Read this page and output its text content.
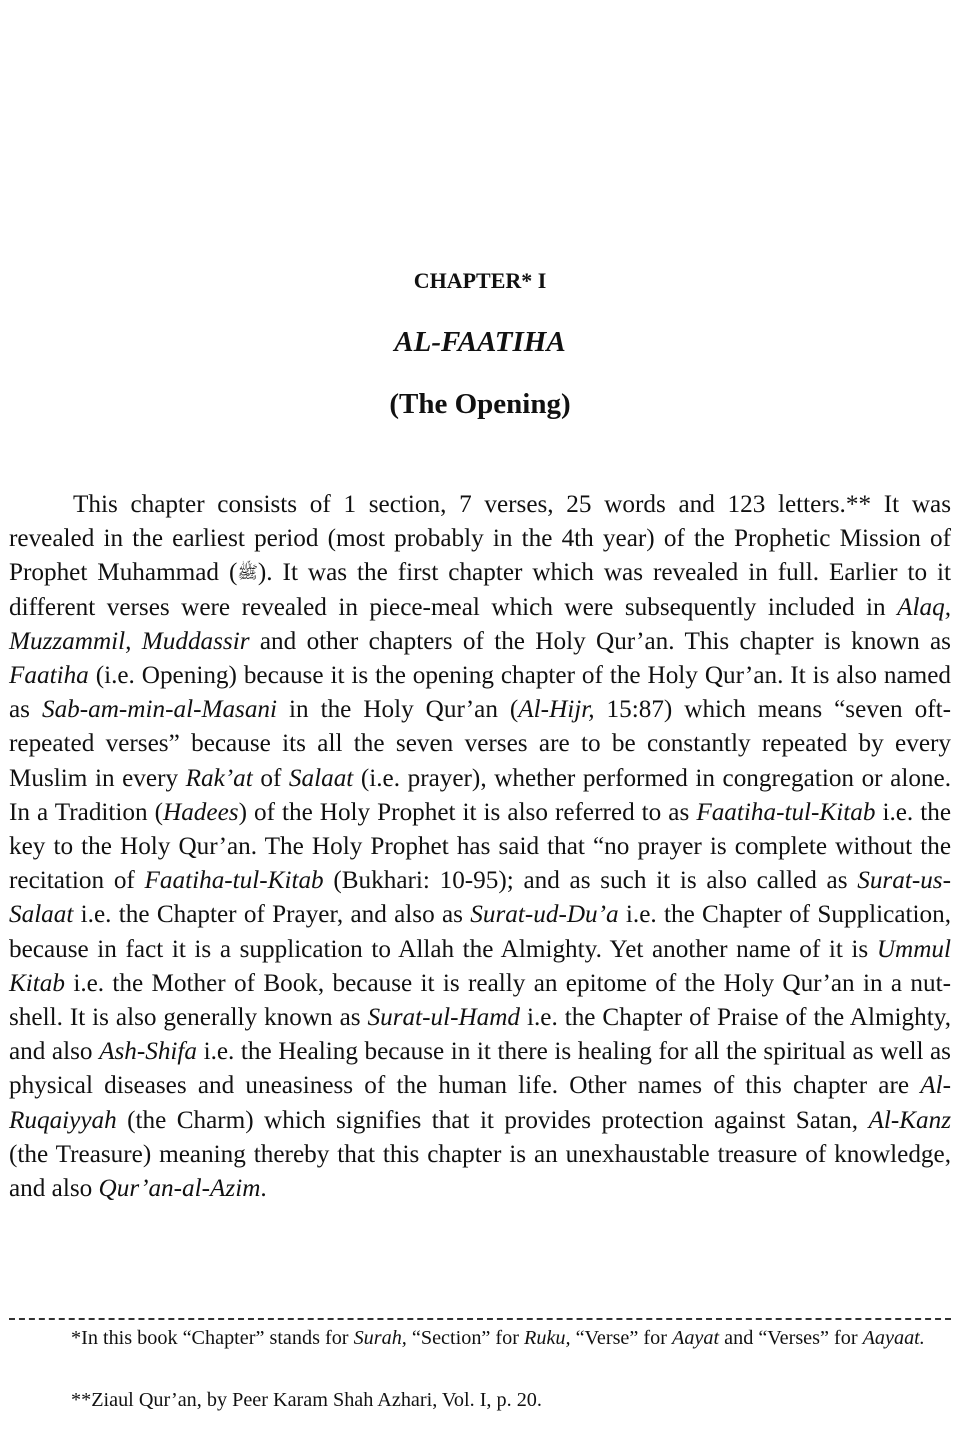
CHAPTER* I
AL-FAATIHA
(The Opening)

This chapter consists of 1 section, 7 verses, 25 words and 123 letters.** It was revealed in the earliest period (most probably in the 4th year) of the Prophetic Mission of Prophet Muhammad (ﷺ). It was the first chapter which was revealed in full. Earlier to it different verses were revealed in piece-meal which were subsequently included in Alaq, Muzzammil, Muddassir and other chapters of the Holy Qur’an. This chapter is known as Faatiha (i.e. Opening) because it is the opening chapter of the Holy Qur’an. It is also named as Sab-am-min-al-Masani in the Holy Qur’an (Al-Hijr, 15:87) which means “seven oft-repeated verses” because its all the seven verses are to be constantly repeated by every Muslim in every Rak’at of Salaat (i.e. prayer), whether performed in congregation or alone. In a Tradition (Hadees) of the Holy Prophet it is also referred to as Faatiha-tul-Kitab i.e. the key to the Holy Qur’an. The Holy Prophet has said that “no prayer is complete without the recitation of Faatiha-tul-Kitab (Bukhari: 10-95); and as such it is also called as Surat-us-Salaat i.e. the Chapter of Prayer, and also as Surat-ud-Du’a i.e. the Chapter of Supplication, because in fact it is a supplication to Allah the Almighty. Yet another name of it is Ummul Kitab i.e. the Mother of Book, because it is really an epitome of the Holy Qur’an in a nut-shell. It is also generally known as Surat-ul-Hamd i.e. the Chapter of Praise of the Almighty, and also Ash-Shifa i.e. the Healing because in it there is healing for all the spiritual as well as physical diseases and uneasiness of the human life. Other names of this chapter are Al-Ruqaiyyah (the Charm) which signifies that it provides protection against Satan, Al-Kanz (the Treasure) meaning thereby that this chapter is an unexhaustable treasure of knowledge, and also Qur’an-al-Azim.

*In this book “Chapter” stands for Surah, “Section” for Ruku, “Verse” for Aayat and “Verses” for Aayaat.

**Ziaul Qur’an, by Peer Karam Shah Azhari, Vol. I, p. 20.
